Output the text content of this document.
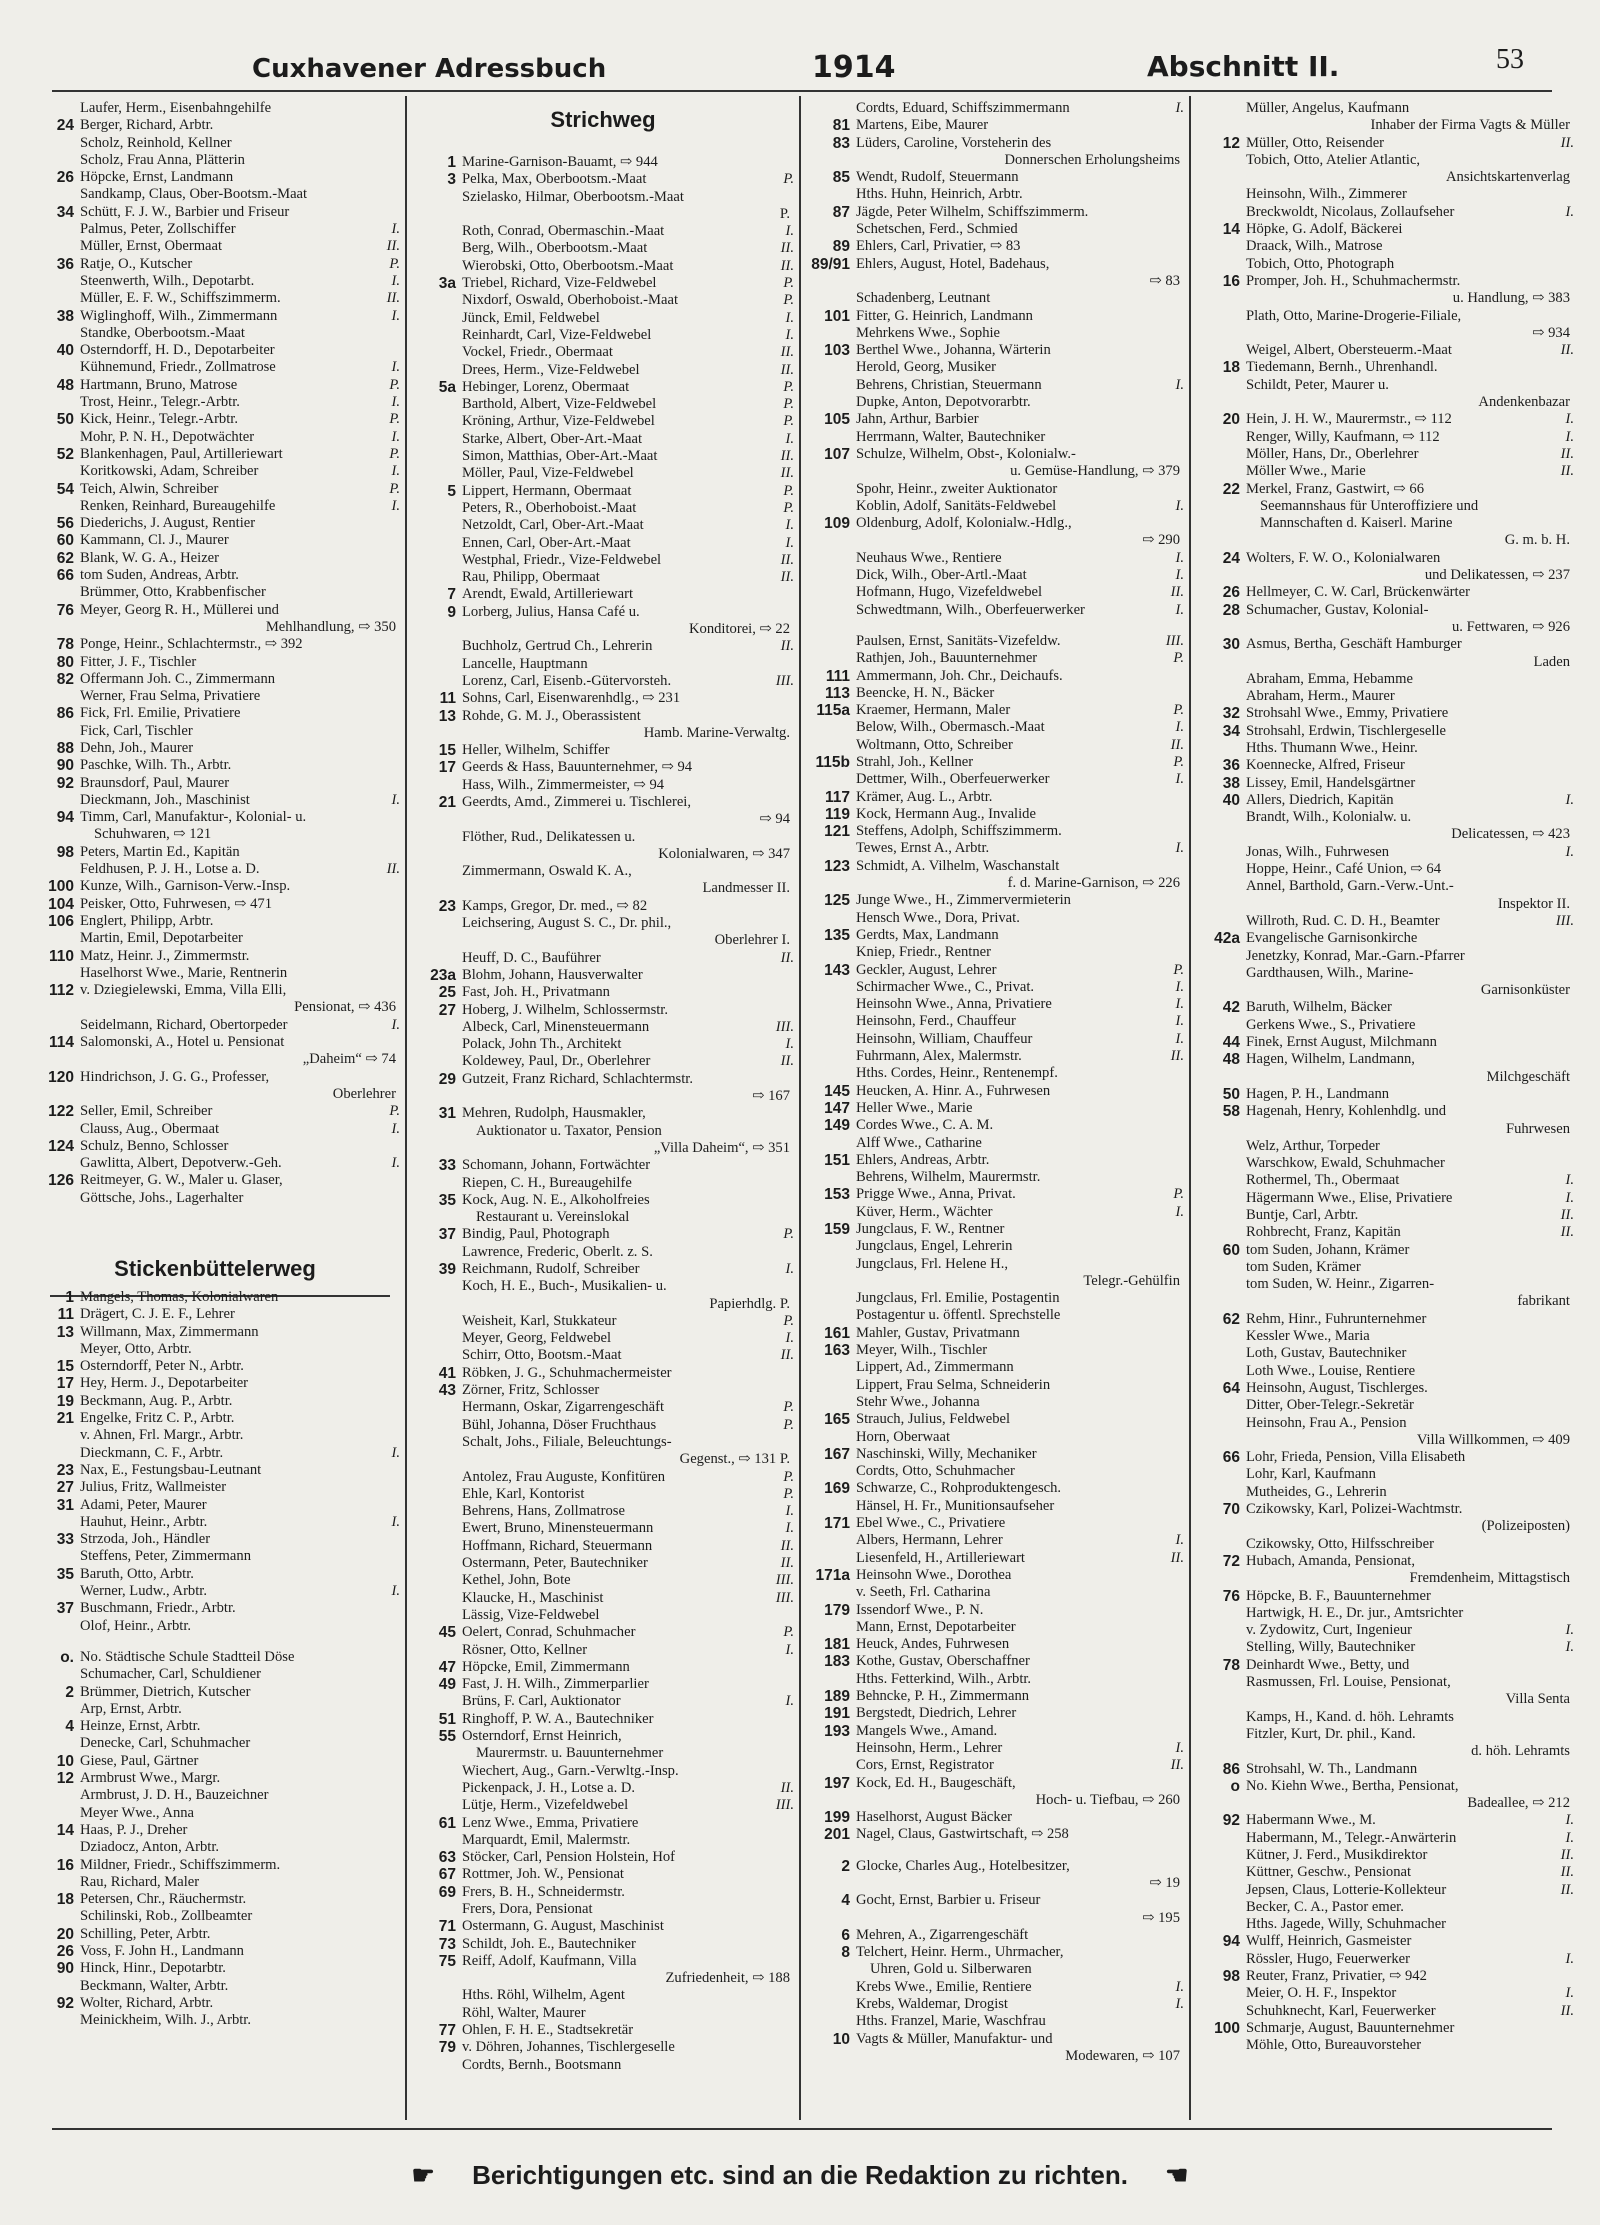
Cuxhavener Adressbuch	1914	Abschnitt II.	53
Laufer, Herm., Eisenbahngehilfe
24 Berger, Richard, Arbtr.
Scholz, Reinhold, Kellner
Scholz, Frau Anna, Plätterin
26 Höpcke, Ernst, Landmann
Sandkamp, Claus, Ober-Bootsm.-Maat
34 Schütt, F. J. W., Barbier und Friseur
Palmus, Peter, Zollschiffer	I.
Müller, Ernst, Obermaat	II.
36 Ratje, O., Kutscher	P.
Steenwerth, Wilh., Depotarbt.	I.
Müller, E. F. W., Schiffszimmerm.	II.
38 Wiglinghoff, Wilh., Zimmermann	I.
Standke, Oberbootsm.-Maat
40 Osterndorff, H. D., Depotarbeiter
Kühnemund, Friedr., Zollmatrose	I.
48 Hartmann, Bruno, Matrose	P.
Trost, Heinr., Telegr.-Arbtr.	I.
50 Kick, Heinr., Telegr.-Arbtr.	P.
Mohr, P. N. H., Depotwächter	I.
52 Blankenhagen, Paul, Artilleriewart	P.
Koritkowski, Adam, Schreiber	I.
54 Teich, Alwin, Schreiber	P.
Renken, Reinhard, Bureaugehilfe	I.
56 Diederichs, J. August, Rentier
60 Kammann, Cl. J., Maurer
62 Blank, W. G. A., Heizer
66 tom Suden, Andreas, Arbtr.
Brümmer, Otto, Krabbenfischer
76 Meyer, Georg R. H., Müllerei und
Mehlhandlung, ⇨ 350
78 Ponge, Heinr., Schlachtermstr., ⇨ 392
80 Fitter, J. F., Tischler
82 Offermann Joh. C., Zimmermann
Werner, Frau Selma, Privatiere
86 Fick, Frl. Emilie, Privatiere
Fick, Carl, Tischler
88 Dehn, Joh., Maurer
90 Paschke, Wilh. Th., Arbtr.
92 Braunsdorf, Paul, Maurer
Dieckmann, Joh., Maschinist	I.
94 Timm, Carl, Manufaktur-, Kolonial- u.
Schuhwaren, ⇨ 121
98 Peters, Martin Ed., Kapitän
Feldhusen, P. J. H., Lotse a. D.	II.
100 Kunze, Wilh., Garnison-Verw.-Insp.
104 Peisker, Otto, Fuhrwesen, ⇨ 471
106 Englert, Philipp, Arbtr.
Martin, Emil, Depotarbeiter
110 Matz, Heinr. J., Zimmermstr.
Haselhorst Wwe., Marie, Rentnerin
112 v. Dziegielewski, Emma, Villa Elli,
Pensionat, ⇨ 436
Seidelmann, Richard, Obertorpeder	I.
114 Salomonski, A., Hotel u. Pensionat
„Daheim“ ⇨ 74
120 Hindrichson, J. G. G., Professer,
Oberlehrer
122 Seller, Emil, Schreiber	P.
Clauss, Aug., Obermaat	I.
124 Schulz, Benno, Schlosser
Gawlitta, Albert, Depotverw.-Geh.	I.
126 Reitmeyer, G. W., Maler u. Glaser,
Göttsche, Johs., Lagerhalter
Stickenbüttelerweg
1 Mangels, Thomas, Kolonialwaren
11 Drägert, C. J. E. F., Lehrer
13 Willmann, Max, Zimmermann
Meyer, Otto, Arbtr.
15 Osterndorff, Peter N., Arbtr.
17 Hey, Herm. J., Depotarbeiter
19 Beckmann, Aug. P., Arbtr.
21 Engelke, Fritz C. P., Arbtr.
v. Ahnen, Frl. Margr., Arbtr.
Dieckmann, C. F., Arbtr.	I.
23 Nax, E., Festungsbau-Leutnant
27 Julius, Fritz, Wallmeister
31 Adami, Peter, Maurer
Hauhut, Heinr., Arbtr.	I.
33 Strzoda, Joh., Händler
Steffens, Peter, Zimmermann
35 Baruth, Otto, Arbtr.
Werner, Ludw., Arbtr.	I.
37 Buschmann, Friedr., Arbtr.
Olof, Heinr., Arbtr.
o. No. Städtische Schule Stadtteil Döse
Schumacher, Carl, Schuldiener
2 Brümmer, Dietrich, Kutscher
Arp, Ernst, Arbtr.
4 Heinze, Ernst, Arbtr.
Denecke, Carl, Schuhmacher
10 Giese, Paul, Gärtner
12 Armbrust Wwe., Margr.
Armbrust, J. D. H., Bauzeichner
Meyer Wwe., Anna
14 Haas, P. J., Dreher
Dziadocz, Anton, Arbtr.
16 Mildner, Friedr., Schiffszimmerm.
Rau, Richard, Maler
18 Petersen, Chr., Räuchermstr.
Schilinski, Rob., Zollbeamter
20 Schilling, Peter, Arbtr.
26 Voss, F. John H., Landmann
90 Hinck, Hinr., Depotarbtr.
Beckmann, Walter, Arbtr.
92 Wolter, Richard, Arbtr.
Meinickheim, Wilh. J., Arbtr.
Strichweg
1 Marine-Garnison-Bauamt, ⇨ 944
3 Pelka, Max, Oberbootsm.-Maat	P.
Szielasko, Hilmar, Oberbootsm.-Maat
P.
Roth, Conrad, Obermaschin.-Maat	I.
Berg, Wilh., Oberbootsm.-Maat	II.
Wierobski, Otto, Oberbootsm.-Maat	II.
3a Triebel, Richard, Vize-Feldwebel	P.
Nixdorf, Oswald, Oberhoboist.-Maat	P.
Jünck, Emil, Feldwebel	I.
Reinhardt, Carl, Vize-Feldwebel	I.
Vockel, Friedr., Obermaat	II.
Drees, Herm., Vize-Feldwebel	II.
5a Hebinger, Lorenz, Obermaat	P.
Barthold, Albert, Vize-Feldwebel	P.
Kröning, Arthur, Vize-Feldwebel	P.
Starke, Albert, Ober-Art.-Maat	I.
Simon, Matthias, Ober-Art.-Maat	II.
Möller, Paul, Vize-Feldwebel	II.
5 Lippert, Hermann, Obermaat	P.
Peters, R., Oberhoboist.-Maat	P.
Netzoldt, Carl, Ober-Art.-Maat	I.
Ennen, Carl, Ober-Art.-Maat	I.
Westphal, Friedr., Vize-Feldwebel	II.
Rau, Philipp, Obermaat	II.
7 Arendt, Ewald, Artilleriewart
9 Lorberg, Julius, Hansa Café u.
Konditorei, ⇨ 22
Buchholz, Gertrud Ch., Lehrerin	II.
Lancelle, Hauptmann
Lorenz, Carl, Eisenb.-Gütervorsteh.	III.
11 Sohns, Carl, Eisenwarenhdlg., ⇨ 231
13 Rohde, G. M. J., Oberassistent
Hamb. Marine-Verwaltg.
15 Heller, Wilhelm, Schiffer
17 Geerds & Hass, Bauunternehmer, ⇨ 94
Hass, Wilh., Zimmermeister, ⇨ 94
21 Geerdts, Amd., Zimmerei u. Tischlerei,
⇨ 94
Flöther, Rud., Delikatessen u.
Kolonialwaren, ⇨ 347
Zimmermann, Oswald K. A.,
Landmesser II.
23 Kamps, Gregor, Dr. med., ⇨ 82
Leichsering, August S. C., Dr. phil.,
Oberlehrer I.
Heuff, D. C., Bauführer	II.
23a Blohm, Johann, Hausverwalter
25 Fast, Joh. H., Privatmann
27 Hoberg, J. Wilhelm, Schlossermstr.
Albeck, Carl, Minensteuermann	III.
Polack, John Th., Architekt	I.
Koldewey, Paul, Dr., Oberlehrer	II.
29 Gutzeit, Franz Richard, Schlachtermstr.
⇨ 167
31 Mehren, Rudolph, Hausmakler,
Auktionator u. Taxator, Pension
„Villa Daheim“, ⇨ 351
33 Schomann, Johann, Fortwächter
Riepen, C. H., Bureaugehilfe
35 Kock, Aug. N. E., Alkoholfreies
Restaurant u. Vereinslokal
37 Bindig, Paul, Photograph	P.
Lawrence, Frederic, Oberlt. z. S.
39 Reichmann, Rudolf, Schreiber	I.
Koch, H. E., Buch-, Musikalien- u.
Papierhdlg. P.
Weisheit, Karl, Stukkateur	P.
Meyer, Georg, Feldwebel	I.
Schirr, Otto, Bootsm.-Maat	II.
41 Röbken, J. G., Schuhmachermeister
43 Zörner, Fritz, Schlosser
Hermann, Oskar, Zigarrengeschäft	P.
Bühl, Johanna, Döser Fruchthaus	P.
Schalt, Johs., Filiale, Beleuchtungs-
Gegenst., ⇨ 131 P.
Antolez, Frau Auguste, Konfitüren	P.
Ehle, Karl, Kontorist	P.
Behrens, Hans, Zollmatrose	I.
Ewert, Bruno, Minensteuermann	I.
Hoffmann, Richard, Steuermann	II.
Ostermann, Peter, Bautechniker	II.
Kethel, John, Bote	III.
Klaucke, H., Maschinist	III.
Lässig, Vize-Feldwebel
45 Oelert, Conrad, Schuhmacher	P.
Rösner, Otto, Kellner	I.
47 Höpcke, Emil, Zimmermann
49 Fast, J. H. Wilh., Zimmerparlier
Brüns, F. Carl, Auktionator	I.
51 Ringhoff, P. W. A., Bautechniker
55 Osterndorf, Ernst Heinrich,
Maurermstr. u. Bauunternehmer
Wiechert, Aug., Garn.-Verwltg.-Insp.
Pickenpack, J. H., Lotse a. D.	II.
Lütje, Herm., Vizefeldwebel	III.
61 Lenz Wwe., Emma, Privatiere
Marquardt, Emil, Malermstr.
63 Stöcker, Carl, Pension Holstein, Hof
67 Rottmer, Joh. W., Pensionat
69 Frers, B. H., Schneidermstr.
Frers, Dora, Pensionat
71 Ostermann, G. August, Maschinist
73 Schildt, Joh. E., Bautechniker
75 Reiff, Adolf, Kaufmann, Villa
Zufriedenheit, ⇨ 188
Hths. Röhl, Wilhelm, Agent
Röhl, Walter, Maurer
77 Ohlen, F. H. E., Stadtsekretär
79 v. Döhren, Johannes, Tischlergeselle
Cordts, Bernh., Bootsmann
Cordts, Eduard, Schiffszimmermann	I.
81 Martens, Eibe, Maurer
83 Lüders, Caroline, Vorsteherin des
Donnerschen Erholungsheims
85 Wendt, Rudolf, Steuermann
Hths. Huhn, Heinrich, Arbtr.
87 Jägde, Peter Wilhelm, Schiffszimmerm.
Schetschen, Ferd., Schmied
89 Ehlers, Carl, Privatier, ⇨ 83
89/91 Ehlers, August, Hotel, Badehaus,
⇨ 83
Schadenberg, Leutnant
101 Fitter, G. Heinrich, Landmann
Mehrkens Wwe., Sophie
103 Berthel Wwe., Johanna, Wärterin
Herold, Georg, Musiker
Behrens, Christian, Steuermann	I.
Dupke, Anton, Depotvorarbtr.
105 Jahn, Arthur, Barbier
Herrmann, Walter, Bautechniker
107 Schulze, Wilhelm, Obst-, Kolonialw.-
u. Gemüse-Handlung, ⇨ 379
Spohr, Heinr., zweiter Auktionator
Koblin, Adolf, Sanitäts-Feldwebel	I.
109 Oldenburg, Adolf, Kolonialw.-Hdlg.,
⇨ 290
Neuhaus Wwe., Rentiere	I.
Dick, Wilh., Ober-Artl.-Maat	I.
Hofmann, Hugo, Vizefeldwebel	II.
Schwedtmann, Wilh., Oberfeuerwerker	I.
Paulsen, Ernst, Sanitäts-Vizefeldw.	III.
Rathjen, Joh., Bauunternehmer	P.
111 Ammermann, Joh. Chr., Deichaufs.
113 Beencke, H. N., Bäcker
115a Kraemer, Hermann, Maler	P.
Below, Wilh., Obermasch.-Maat	I.
Woltmann, Otto, Schreiber	II.
115b Strahl, Joh., Kellner	P.
Dettmer, Wilh., Oberfeuerwerker	I.
117 Krämer, Aug. L., Arbtr.
119 Kock, Hermann Aug., Invalide
121 Steffens, Adolph, Schiffszimmerm.
Tewes, Ernst A., Arbtr.	I.
123 Schmidt, A. Vilhelm, Waschanstalt
f. d. Marine-Garnison, ⇨ 226
125 Junge Wwe., H., Zimmervermieterin
Hensch Wwe., Dora, Privat.
135 Gerdts, Max, Landmann
Kniep, Friedr., Rentner
143 Geckler, August, Lehrer	P.
Schirmacher Wwe., C., Privat.	I.
Heinsohn Wwe., Anna, Privatiere	I.
Heinsohn, Ferd., Chauffeur	I.
Heinsohn, William, Chauffeur	I.
Fuhrmann, Alex, Malermstr.	II.
Hths. Cordes, Heinr., Rentenempf.
145 Heucken, A. Hinr. A., Fuhrwesen
147 Heller Wwe., Marie
149 Cordes Wwe., C. A. M.
Alff Wwe., Catharine
151 Ehlers, Andreas, Arbtr.
Behrens, Wilhelm, Maurermstr.
153 Prigge Wwe., Anna, Privat.	P.
Küver, Herm., Wächter	I.
159 Jungclaus, F. W., Rentner
Jungclaus, Engel, Lehrerin
Jungclaus, Frl. Helene H.,
Telegr.-Gehülfin
Jungclaus, Frl. Emilie, Postagentin
Postagentur u. öffentl. Sprechstelle
161 Mahler, Gustav, Privatmann
163 Meyer, Wilh., Tischler
Lippert, Ad., Zimmermann
Lippert, Frau Selma, Schneiderin
Stehr Wwe., Johanna
165 Strauch, Julius, Feldwebel
Horn, Oberwaat
167 Naschinski, Willy, Mechaniker
Cordts, Otto, Schuhmacher
169 Schwarze, C., Rohproduktengesch.
Hänsel, H. Fr., Munitionsaufseher
171 Ebel Wwe., C., Privatiere
Albers, Hermann, Lehrer	I.
Liesenfeld, H., Artilleriewart	II.
171a Heinsohn Wwe., Dorothea
v. Seeth, Frl. Catharina
179 Issendorf Wwe., P. N.
Mann, Ernst, Depotarbeiter
181 Heuck, Andes, Fuhrwesen
183 Kothe, Gustav, Oberschaffner
Hths. Fetterkind, Wilh., Arbtr.
189 Behncke, P. H., Zimmermann
191 Bergstedt, Diedrich, Lehrer
193 Mangels Wwe., Amand.
Heinsohn, Herm., Lehrer	I.
Cors, Ernst, Registrator	II.
197 Kock, Ed. H., Baugeschäft,
Hoch- u. Tiefbau, ⇨ 260
199 Haselhorst, August Bäcker
201 Nagel, Claus, Gastwirtschaft, ⇨ 258
2 Glocke, Charles Aug., Hotelbesitzer,
⇨ 19
4 Gocht, Ernst, Barbier u. Friseur
⇨ 195
6 Mehren, A., Zigarrengeschäft
8 Telchert, Heinr. Herm., Uhrmacher,
Uhren, Gold u. Silberwaren
Krebs Wwe., Emilie, Rentiere	I.
Krebs, Waldemar, Drogist	I.
Hths. Franzel, Marie, Waschfrau
10 Vagts & Müller, Manufaktur- und
Modewaren, ⇨ 107
Müller, Angelus, Kaufmann
Inhaber der Firma Vagts & Müller
12 Müller, Otto, Reisender	II.
Tobich, Otto, Atelier Atlantic,
Ansichtskartenverlag
Heinsohn, Wilh., Zimmerer
Breckwoldt, Nicolaus, Zollaufseher	I.
14 Höpke, G. Adolf, Bäckerei
Draack, Wilh., Matrose
Tobich, Otto, Photograph
16 Promper, Joh. H., Schuhmachermstr.
u. Handlung, ⇨ 383
Plath, Otto, Marine-Drogerie-Filiale,
⇨ 934
Weigel, Albert, Obersteuerm.-Maat	II.
18 Tiedemann, Bernh., Uhrenhandl.
Schildt, Peter, Maurer u.
Andenkenbazar
20 Hein, J. H. W., Maurermstr., ⇨ 112	I.
Renger, Willy, Kaufmann, ⇨ 112	I.
Möller, Hans, Dr., Oberlehrer	II.
Möller Wwe., Marie	II.
22 Merkel, Franz, Gastwirt, ⇨ 66
Seemannshaus für Unteroffiziere und
Mannschaften d. Kaiserl. Marine
G. m. b. H.
24 Wolters, F. W. O., Kolonialwaren
und Delikatessen, ⇨ 237
26 Hellmeyer, C. W. Carl, Brückenwärter
28 Schumacher, Gustav, Kolonial-
u. Fettwaren, ⇨ 926
30 Asmus, Bertha, Geschäft Hamburger
Laden
Abraham, Emma, Hebamme
Abraham, Herm., Maurer
32 Strohsahl Wwe., Emmy, Privatiere
34 Strohsahl, Erdwin, Tischlergeselle
Hths. Thumann Wwe., Heinr.
36 Koennecke, Alfred, Friseur
38 Lissey, Emil, Handelsgärtner
40 Allers, Diedrich, Kapitän	I.
Brandt, Wilh., Kolonialw. u.
Delicatessen, ⇨ 423
Jonas, Wilh., Fuhrwesen	I.
Hoppe, Heinr., Café Union, ⇨ 64
Annel, Barthold, Garn.-Verw.-Unt.-
Inspektor II.
Willroth, Rud. C. D. H., Beamter	III.
42a Evangelische Garnisonkirche
Jenetzky, Konrad, Mar.-Garn.-Pfarrer
Gardthausen, Wilh., Marine-
Garnisonküster
42 Baruth, Wilhelm, Bäcker
Gerkens Wwe., S., Privatiere
44 Finek, Ernst August, Milchmann
48 Hagen, Wilhelm, Landmann,
Milchgeschäft
50 Hagen, P. H., Landmann
58 Hagenah, Henry, Kohlenhdlg. und
Fuhrwesen
Welz, Arthur, Torpeder
Warschkow, Ewald, Schuhmacher
Rothermel, Th., Obermaat	I.
Hägermann Wwe., Elise, Privatiere	I.
Buntje, Carl, Arbtr.	II.
Rohbrecht, Franz, Kapitän	II.
60 tom Suden, Johann, Krämer
tom Suden, Krämer
tom Suden, W. Heinr., Zigarren-
fabrikant
62 Rehm, Hinr., Fuhrunternehmer
Kessler Wwe., Maria
Loth, Gustav, Bautechniker
Loth Wwe., Louise, Rentiere
64 Heinsohn, August, Tischlerges.
Ditter, Ober-Telegr.-Sekretär
Heinsohn, Frau A., Pension
Villa Willkommen, ⇨ 409
66 Lohr, Frieda, Pension, Villa Elisabeth
Lohr, Karl, Kaufmann
Mutheides, G., Lehrerin
70 Czikowsky, Karl, Polizei-Wachtmstr.
(Polizeiposten)
Czikowsky, Otto, Hilfsschreiber
72 Hubach, Amanda, Pensionat,
Fremdenheim, Mittagstisch
76 Höpcke, B. F., Bauunternehmer
Hartwigk, H. E., Dr. jur., Amtsrichter
v. Zydowitz, Curt, Ingenieur	I.
Stelling, Willy, Bautechniker	I.
78 Deinhardt Wwe., Betty, und
Rasmussen, Frl. Louise, Pensionat,
Villa Senta
Kamps, H., Kand. d. höh. Lehramts
Fitzler, Kurt, Dr. phil., Kand.
d. höh. Lehramts
86 Strohsahl, W. Th., Landmann
o No. Kiehn Wwe., Bertha, Pensionat,
Badeallee, ⇨ 212
92 Habermann Wwe., M.	I.
Habermann, M., Telegr.-Anwärterin	I.
Kütner, J. Ferd., Musikdirektor	II.
Küttner, Geschw., Pensionat	II.
Jepsen, Claus, Lotterie-Kollekteur	II.
Becker, C. A., Pastor emer.
Hths. Jagede, Willy, Schuhmacher
94 Wulff, Heinrich, Gasmeister
Rössler, Hugo, Feuerwerker	I.
98 Reuter, Franz, Privatier, ⇨ 942
Meier, O. H. F., Inspektor	I.
Schuhknecht, Karl, Feuerwerker	II.
100 Schmarje, August, Bauunternehmer
Möhle, Otto, Bureauvorsteher
☛ Berichtigungen etc. sind an die Redaktion zu richten. ☚
